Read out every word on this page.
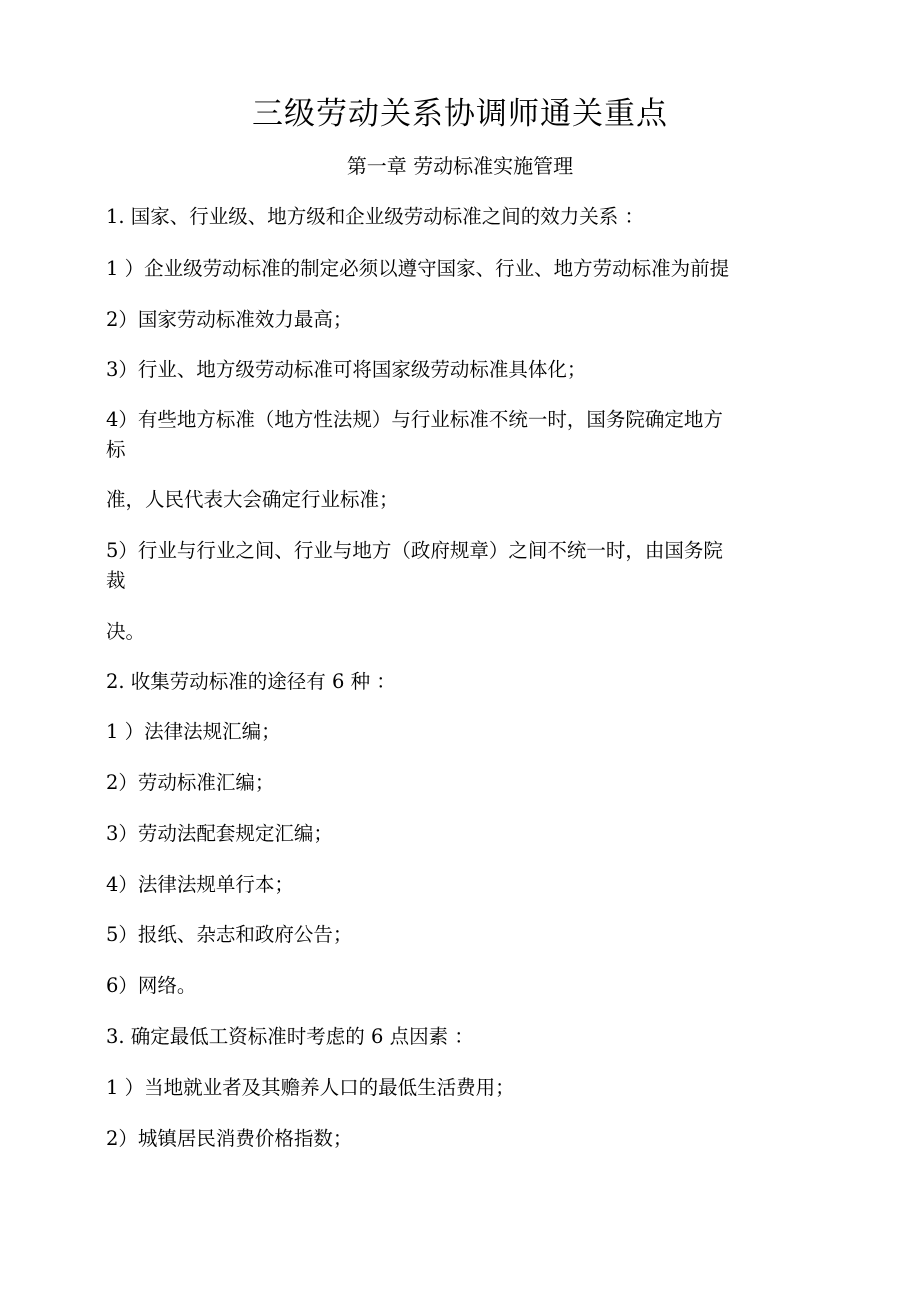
三级劳动关系协调师通关重点
第一章 劳动标准实施管理
1. 国家、行业级、地方级和企业级劳动标准之间的效力关系 ：
1 ）企业级劳动标准的制定必须以遵守国家、行业、地方劳动标准为前提
2）国家劳动标准效力最高；
3）行业、地方级劳动标准可将国家级劳动标准具体化；
4）有些地方标准（地方性法规）与行业标准不统一时，国务院确定地方
标
准，人民代表大会确定行业标准；
5）行业与行业之间、行业与地方（政府规章）之间不统一时，由国务院
裁
决。
2. 收集劳动标准的途径有 6 种 ：
1 ）法律法规汇编；
2）劳动标准汇编；
3）劳动法配套规定汇编；
4）法律法规单行本；
5）报纸、杂志和政府公告；
6）网络。
3. 确定最低工资标准时考虑的 6 点因素 ：
1 ）当地就业者及其赡养人口的最低生活费用；
2）城镇居民消费价格指数；
